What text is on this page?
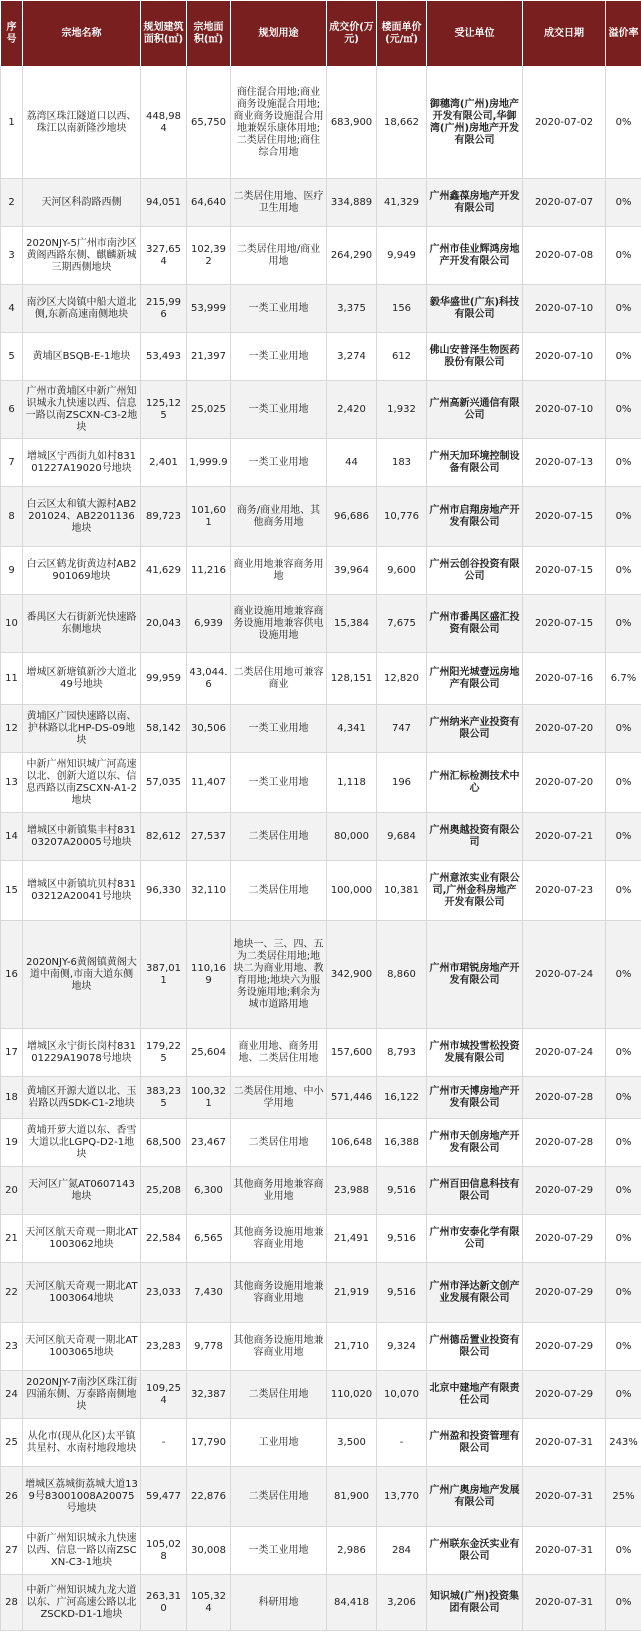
序号	宗地名称	规划建筑面积(㎡)	宗地面积(㎡)	规划用途	成交价(万元)	楼面单价(元/㎡)	受让单位	成交日期	溢价率
1	荔湾区珠江隧道口以西、珠江以南新隆沙地块	448,984	65,750	商住混合用地;商业商务设施混合用地;商业商务设施混合用地兼娱乐康体用地;二类居住用地;商住综合用地	683,900	18,662	御穗湾(广州)房地产开发有限公司,华御湾(广州)房地产开发有限公司	2020-07-02	0%
2	天河区科韵路西侧	94,051	64,640	二类居住用地、医疗卫生用地	334,889	41,329	广州鑫葆房地产开发有限公司	2020-07-07	0%
3	2020NJY-5广州市南沙区黄阁西路东侧、麒麟新城三期西侧地块	327,654	102,392	二类居住用地/商业用地	264,290	9,949	广州市佳业辉鸿房地产开发有限公司	2020-07-08	0%
4	南沙区大岗镇中船大道北侧,东新高速南侧地块	215,996	53,999	一类工业用地	3,375	156	毅华盛世(广东)科技有限公司	2020-07-10	0%
5	黄埔区BSQB-E-1地块	53,493	21,397	一类工业用地	3,274	612	佛山安普泽生物医药股份有限公司	2020-07-10	0%
6	广州市黄埔区中新广州知识城永九快速以西、信息一路以南ZSCXN-C3-2地块	125,125	25,025	一类工业用地	2,420	1,932	广州高新兴通信有限公司	2020-07-10	0%
7	增城区宁西街九如村83101227A19020号地块	2,401	1,999.9	一类工业用地	44	183	广州天加环境控制设备有限公司	2020-07-13	0%
8	白云区太和镇大源村AB2201024、AB2201136地块	89,723	101,601	商务/商业用地、其他商务用地	96,686	10,776	广州市启翔房地产开发有限公司	2020-07-15	0%
9	白云区鹤龙街黄边村AB2901069地块	41,629	11,216	商业用地兼容商务用地	39,964	9,600	广州云创谷投资有限公司	2020-07-15	0%
10	番禺区大石街新光快速路东侧地块	20,043	6,939	商业设施用地兼容商务设施用地兼容供电设施用地	15,384	7,675	广州市番禺区盛汇投资有限公司	2020-07-15	0%
11	增城区新塘镇新沙大道北49号地块	99,959	43,044.6	二类居住用地可兼容商业	128,151	12,820	广州阳光城壹远房地产有限公司	2020-07-16	6.7%
12	黄埔区广园快速路以南、护林路以北HP-DS-09地块	58,142	30,506	一类工业用地	4,341	747	广州纳米产业投资有限公司	2020-07-20	0%
13	中新广州知识城广河高速以北、创新大道以东、信息西路以南ZSCXN-A1-2地块	57,035	11,407	一类工业用地	1,118	196	广州汇标检测技术中心	2020-07-20	0%
14	增城区中新镇集丰村83103207A20005号地块	82,612	27,537	二类居住用地	80,000	9,684	广州奥越投资有限公司	2020-07-21	0%
15	增城区中新镇坑贝村83103212A20041号地块	96,330	32,110	二类居住用地	100,000	10,381	广州意浓实业有限公司,广州金科房地产开发有限公司	2020-07-23	0%
16	2020NJY-6黄阁镇黄阁大道中南侧,市南大道东侧地块	387,011	110,169	地块一、三、四、五为二类居住用地;地块二为商业用地、教育用地;地块六为服务设施用地;剩余为城市道路用地	342,900	8,860	广州市珺锐房地产开发有限公司	2020-07-24	0%
17	增城区永宁街长岗村83101229A19078号地块	179,225	25,604	商业用地、商务用地、二类居住用地	157,600	8,793	广州市城投雪松投资发展有限公司	2020-07-24	0%
18	黄埔区开源大道以北、玉岩路以西SDK-C1-2地块	383,235	100,321	二类居住用地、中小学用地	571,446	16,122	广州市天博房地产开发有限公司	2020-07-28	0%
19	黄埔开萝大道以东、香雪大道以北LGPQ-D2-1地块	68,500	23,467	二类居住用地	106,648	16,388	广州市天创房地产开发有限公司	2020-07-28	0%
20	天河区广氮AT0607143地块	25,208	6,300	其他商务用地兼容商业用地	23,988	9,516	广州百田信息科技有限公司	2020-07-29	0%
21	天河区航天奇观一期北AT1003062地块	22,584	6,565	其他商务设施用地兼容商业用地	21,491	9,516	广州市安泰化学有限公司	2020-07-29	0%
22	天河区航天奇观一期北AT1003064地块	23,033	7,430	其他商务设施用地兼容商业用地	21,919	9,516	广州市泽达新文创产业发展有限公司	2020-07-29	0%
23	天河区航天奇观一期北AT1003065地块	23,283	9,778	其他商务设施用地兼容商业用地	21,710	9,324	广州德岳置业投资有限公司	2020-07-29	0%
24	2020NJY-7南沙区珠江街四涌东侧、万泰路南侧地块	109,254	32,387	二类居住用地	110,020	10,070	北京中建地产有限责任公司	2020-07-29	0%
25	从化市(现从化区)太平镇共星村、水南村地段地块	-	17,790	工业用地	3,500	-	广州盈和投资管理有限公司	2020-07-31	243%
26	增城区荔城街荔城大道139号83001008A20075号地块	59,477	22,876	二类居住用地	81,900	13,770	广州广奥房地产发展有限公司	2020-07-31	25%
27	中新广州知识城永九快速以西、信息一路以南ZSCXN-C3-1地块	105,028	30,008	一类工业用地	2,986	284	广州联东金沃实业有限公司	2020-07-31	0%
28	中新广州知识城九龙大道以东、广河高速公路以北ZSCKD-D1-1地块	263,310	105,324	科研用地	84,418	3,206	知识城(广州)投资集团有限公司	2020-07-31	0%
